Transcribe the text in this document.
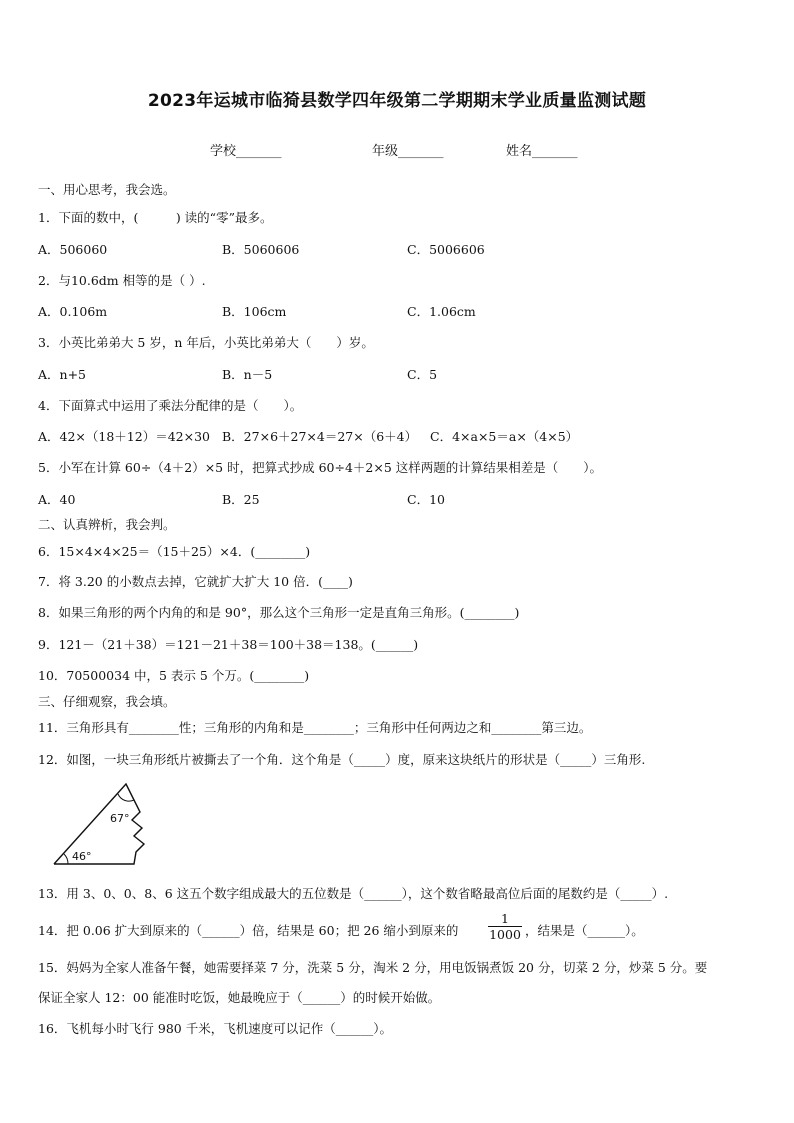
2023年运城市临猗县数学四年级第二学期期末学业质量监测试题
学校_______	年级_______	姓名_______
一、用心思考，我会选。
1．下面的数中，(　　　) 读的“零”最多。
A．506060	B．5060606	C．5006606
2．与10.6dm 相等的是（ ）.
A．0.106m	B．106cm	C．1.06cm
3．小英比弟弟大 5 岁，n 年后，小英比弟弟大（　　）岁。
A．n+5	B．n－5	C．5
4．下面算式中运用了乘法分配律的是（　　）。
A．42×（18＋12）＝42×30 B．27×6＋27×4＝27×（6＋4） C．4×a×5＝a×（4×5）
5．小军在计算 60÷（4＋2）×5 时，把算式抄成 60÷4＋2×5 这样两题的计算结果相差是（　　）。
A．40	B．25	C．10
二、认真辨析，我会判。
6．15×4×4×25＝（15＋25）×4．(________)
7．将 3.20 的小数点去掉，它就扩大扩大 10 倍．(____)
8．如果三角形的两个内角的和是 90°，那么这个三角形一定是直角三角形。(________)
9．121－（21＋38）＝121－21＋38＝100＋38＝138。(______)
10．70500034 中，5 表示 5 个万。(________)
三、仔细观察，我会填。
11．三角形具有________性；三角形的内角和是________；三角形中任何两边之和________第三边。
12．如图，一块三角形纸片被撕去了一个角．这个角是（_____）度，原来这块纸片的形状是（_____）三角形.
67°
46°
13．用 3、0、0、8、6 这五个数字组成最大的五位数是（______），这个数省略最高位后面的尾数约是（_____）.
14．把 0.06 扩大到原来的（______）倍，结果是 60；把 26 缩小到原来的 $\frac{1}{1000}$ ，结果是（______）。
15．妈妈为全家人准备午餐，她需要择菜 7 分，洗菜 5 分，淘米 2 分，用电饭锅煮饭 20 分，切菜 2 分，炒菜 5 分。要
保证全家人 12：00 能准时吃饭，她最晚应于（______）的时候开始做。
16．飞机每小时飞行 980 千米，飞机速度可以记作（______）。
